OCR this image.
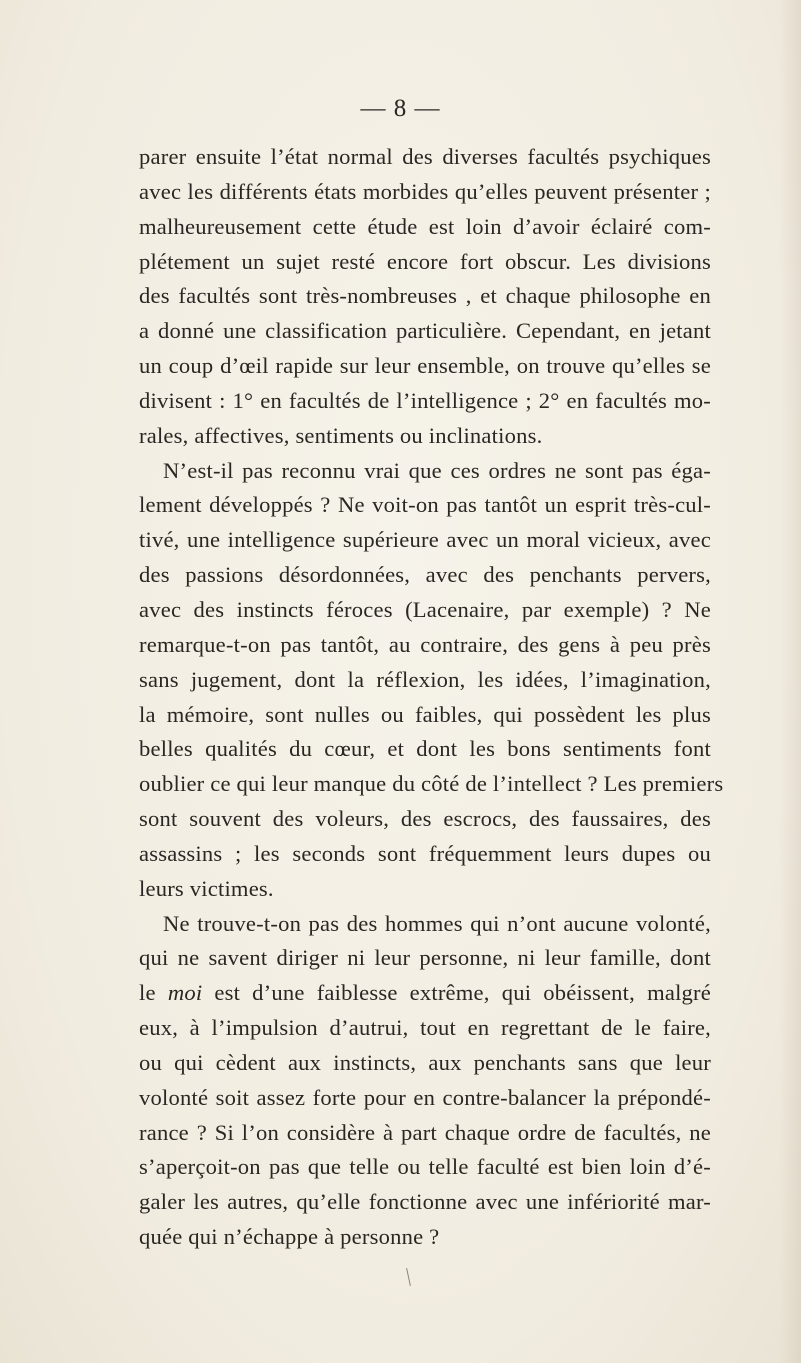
— 8 —
parer ensuite l’état normal des diverses facultés psychiques
avec les différents états morbides qu’elles peuvent présenter ;
malheureusement cette étude est loin d’avoir éclairé com-
plétement un sujet resté encore fort obscur. Les divisions
des facultés sont très-nombreuses , et chaque philosophe en
a donné une classification particulière. Cependant, en jetant
un coup d’œil rapide sur leur ensemble, on trouve qu’elles se
divisent : 1° en facultés de l’intelligence ; 2° en facultés mo-
rales, affectives, sentiments ou inclinations.
N’est-il pas reconnu vrai que ces ordres ne sont pas éga-
lement développés ? Ne voit-on pas tantôt un esprit très-cul-
tivé, une intelligence supérieure avec un moral vicieux, avec
des passions désordonnées, avec des penchants pervers,
avec des instincts féroces (Lacenaire, par exemple) ? Ne
remarque-t-on pas tantôt, au contraire, des gens à peu près
sans jugement, dont la réflexion, les idées, l’imagination,
la mémoire, sont nulles ou faibles, qui possèdent les plus
belles qualités du cœur, et dont les bons sentiments font
oublier ce qui leur manque du côté de l’intellect ? Les premiers
sont souvent des voleurs, des escrocs, des faussaires, des
assassins ; les seconds sont fréquemment leurs dupes ou
leurs victimes.
Ne trouve-t-on pas des hommes qui n’ont aucune volonté,
qui ne savent diriger ni leur personne, ni leur famille, dont
le moi est d’une faiblesse extrême, qui obéissent, malgré
eux, à l’impulsion d’autrui, tout en regrettant de le faire,
ou qui cèdent aux instincts, aux penchants sans que leur
volonté soit assez forte pour en contre-balancer la prépondé-
rance ? Si l’on considère à part chaque ordre de facultés, ne
s’aperçoit-on pas que telle ou telle faculté est bien loin d’é-
galer les autres, qu’elle fonctionne avec une infériorité mar-
quée qui n’échappe à personne ?
